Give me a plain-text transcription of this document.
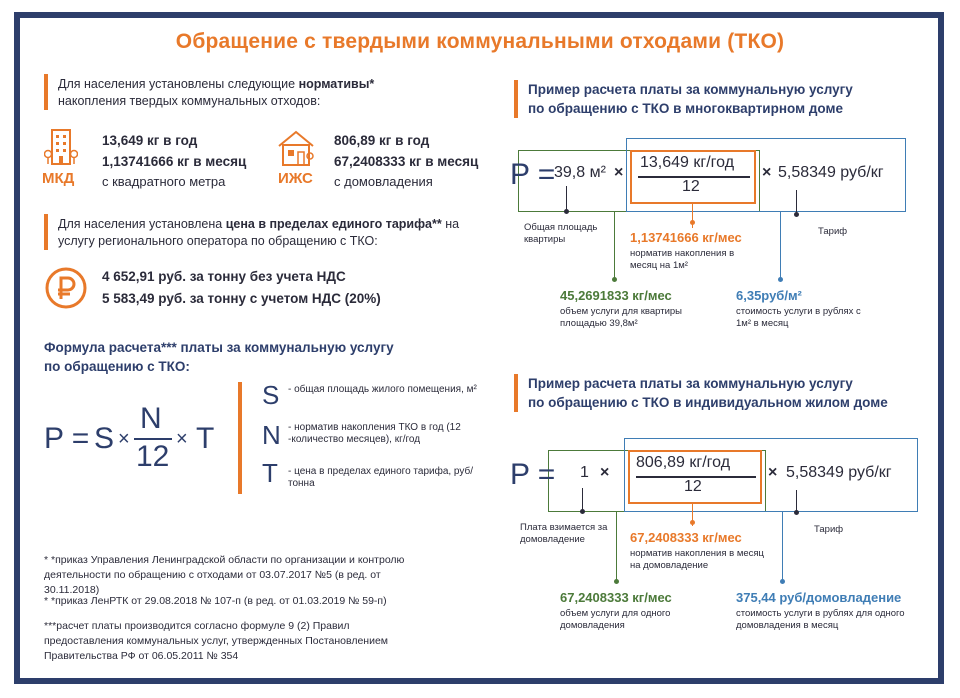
Обращение с твердыми коммунальными отходами (ТКО)
Для населения установлены следующие нормативы* накопления твердых коммунальных отходов:
МКД
13,649 кг в год
1,13741666 кг в месяц
с квадратного метра	ИЖС
806,89 кг в год
67,2408333 кг в месяц
с домовладения
Для населения установлена цена в пределах единого тарифа** на услугу регионального оператора по обращению с ТКО:
4 652,91 руб. за тонну без учета НДС
5 583,49 руб. за тонну с учетом НДС (20%)
Формула расчета*** платы за коммунальную услугу
по обращению с ТКО:
P = S ×
N
12
× T
S - общая площадь жилого помещения, м²
N - норматив накопления ТКО в год (12 -количество месяцев), кг/год
T - цена в пределах единого тарифа, руб/тонна
* *приказ Управления Ленинградской области по организации и контролю деятельности по обращению с отходами от 03.07.2017 №5 (в ред. от 30.11.2018)
* *приказ ЛенРТК от 29.08.2018 № 107-п (в ред. от 01.03.2019 № 59-п)
***расчет платы производится согласно формуле 9 (2) Правил предоставления коммунальных услуг, утвержденных Постановлением Правительства РФ от 06.05.2011 № 354
Пример расчета платы за коммунальную услугу
по обращению с ТКО в многоквартирном доме
P =
39,8 м² ×
13,649 кг/год
12
× 5,58349 руб/кг
Общая площадь квартиры
Тариф
1,13741666 кг/мес
норматив накопления в месяц на 1м²
45,2691833 кг/мес
объем услуги для квартиры площадью 39,8м²
6,35руб/м²
стоимость услуги в рублях с 1м² в месяц
Пример расчета платы за коммунальную услугу
по обращению с ТКО в индивидуальном жилом доме
P = 1 ×
806,89 кг/год
12
× 5,58349 руб/кг
Плата взимается за домовладение
Тариф
67,2408333 кг/мес
норматив накопления в месяц на домовладение
67,2408333 кг/мес
объем услуги для одного домовладения
375,44 руб/домовладение
стоимость услуги в рублях для одного домовладения в месяц
